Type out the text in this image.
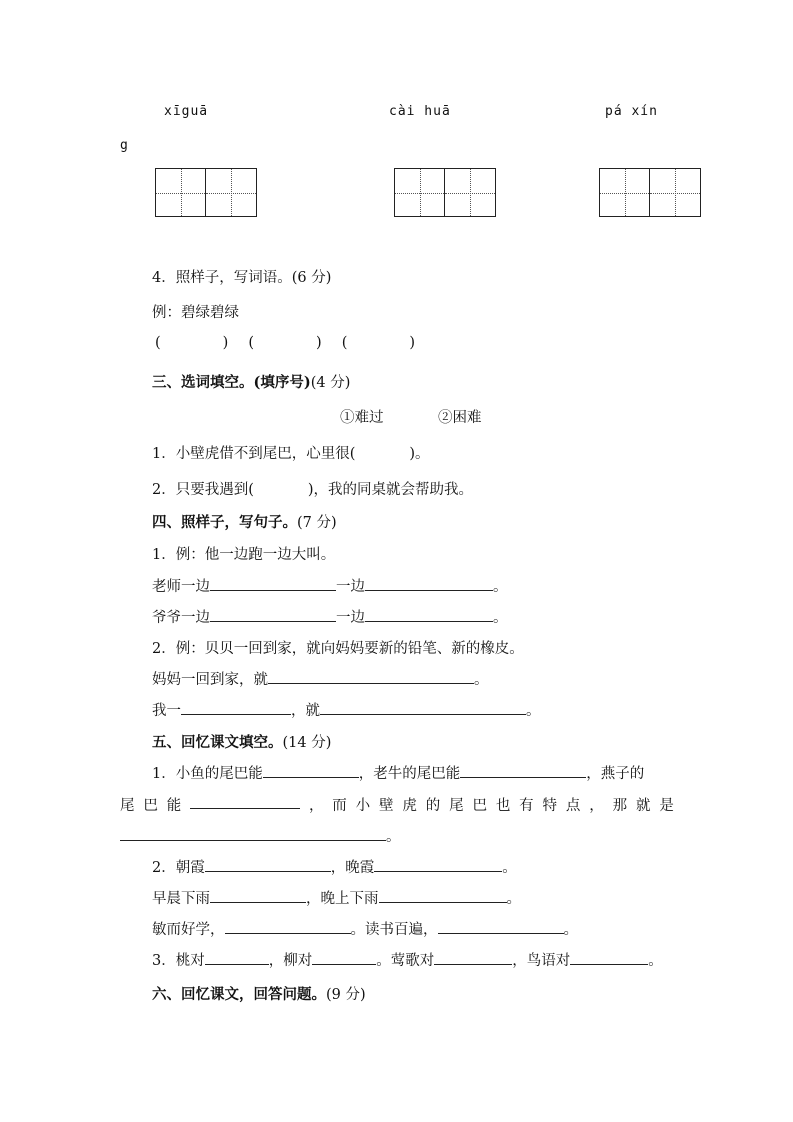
xīguā	cài huā	pá xín
g
4．照样子，写词语。(6 分)
例：碧绿碧绿
(	) (	) (	)
三、选词填空。(填序号)(4 分)
①难过	②困难
1．小壁虎借不到尾巴，心里很(	)。
2．只要我遇到(	)，我的同桌就会帮助我。
四、照样子，写句子。(7 分)
1．例：他一边跑一边大叫。
老师一边	一边	。
爷爷一边	一边	。
2．例：贝贝一回到家，就向妈妈要新的铅笔、新的橡皮。
妈妈一回到家，就	。
我一	，就	。
五、回忆课文填空。(14 分)
1．小鱼的尾巴能	，老牛的尾巴能	，燕子的
尾 巴 能	， 而 小 壁 虎 的 尾 巴 也 有 特 点 ， 那 就 是
。
2．朝霞	，晚霞	。
早晨下雨	，晚上下雨	。
敏而好学，	。读书百遍，	。
3．桃对	，柳对	。莺歌对	，鸟语对	。
六、回忆课文，回答问题。(9 分)
